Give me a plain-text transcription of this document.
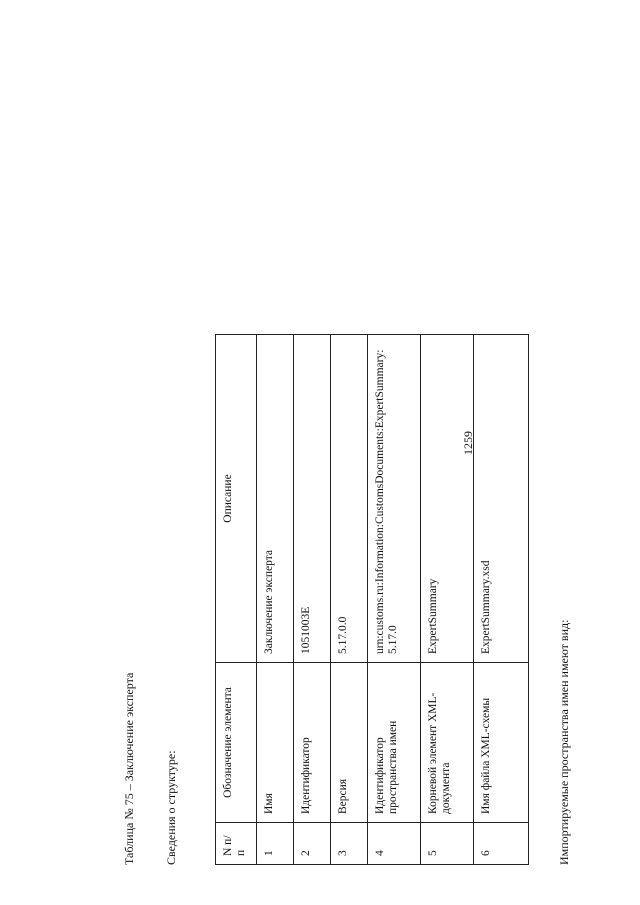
1259
Таблица № 75 – Заключение эксперта Сведения о структуре:	N п/п	Обозначение элемента	Описание
1	Имя	Заключение эксперта
2	Идентификатор	1051003E
3	Версия	5.17.0.0
4	Идентификатор пространства имен	urn:customs.ru:Information:CustomsDocuments:ExpertSummary:5.17.0
5	Корневой элемент XML-документа	ExpertSummary
6	Имя файла XML-схемы	ExpertSummary.xsd
Импортируемые пространства имен имеют вид:
